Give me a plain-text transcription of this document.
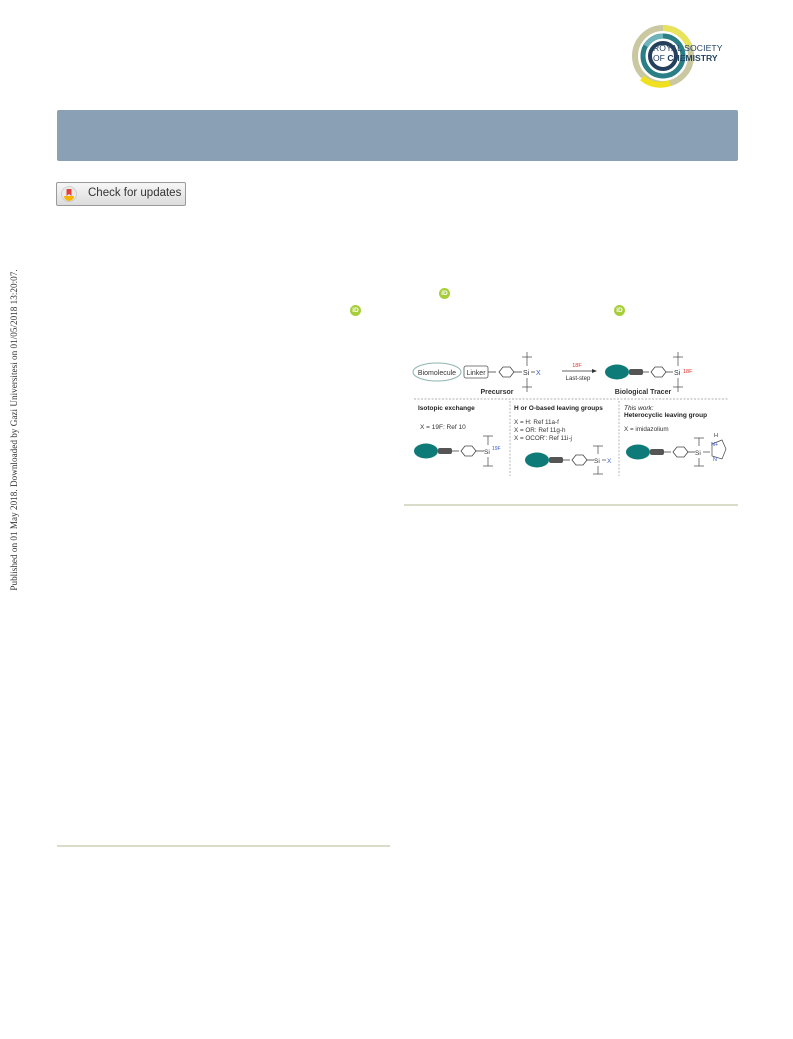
Published on 01 May 2018. Downloaded by Gazi Universitesi on 01/05/2018 13:20:07.
ROYAL SOCIETY
OF CHEMISTRY
Check for updates
iD
iD	iD
Biomolecule Linker	Si X
Precursor
18F
Last-step
Si 18F
Biological Tracer
Isotopic exchange
X = 19F: Ref 10
Si 19F
H or O-based leaving groups
X = H: Ref 11a-f
X = OR: Ref 11g-h
X = OCOR': Ref 11i-j
Si X
This work:
Heterocyclic leaving group
X = imidazolium
Si
N+
H
N
